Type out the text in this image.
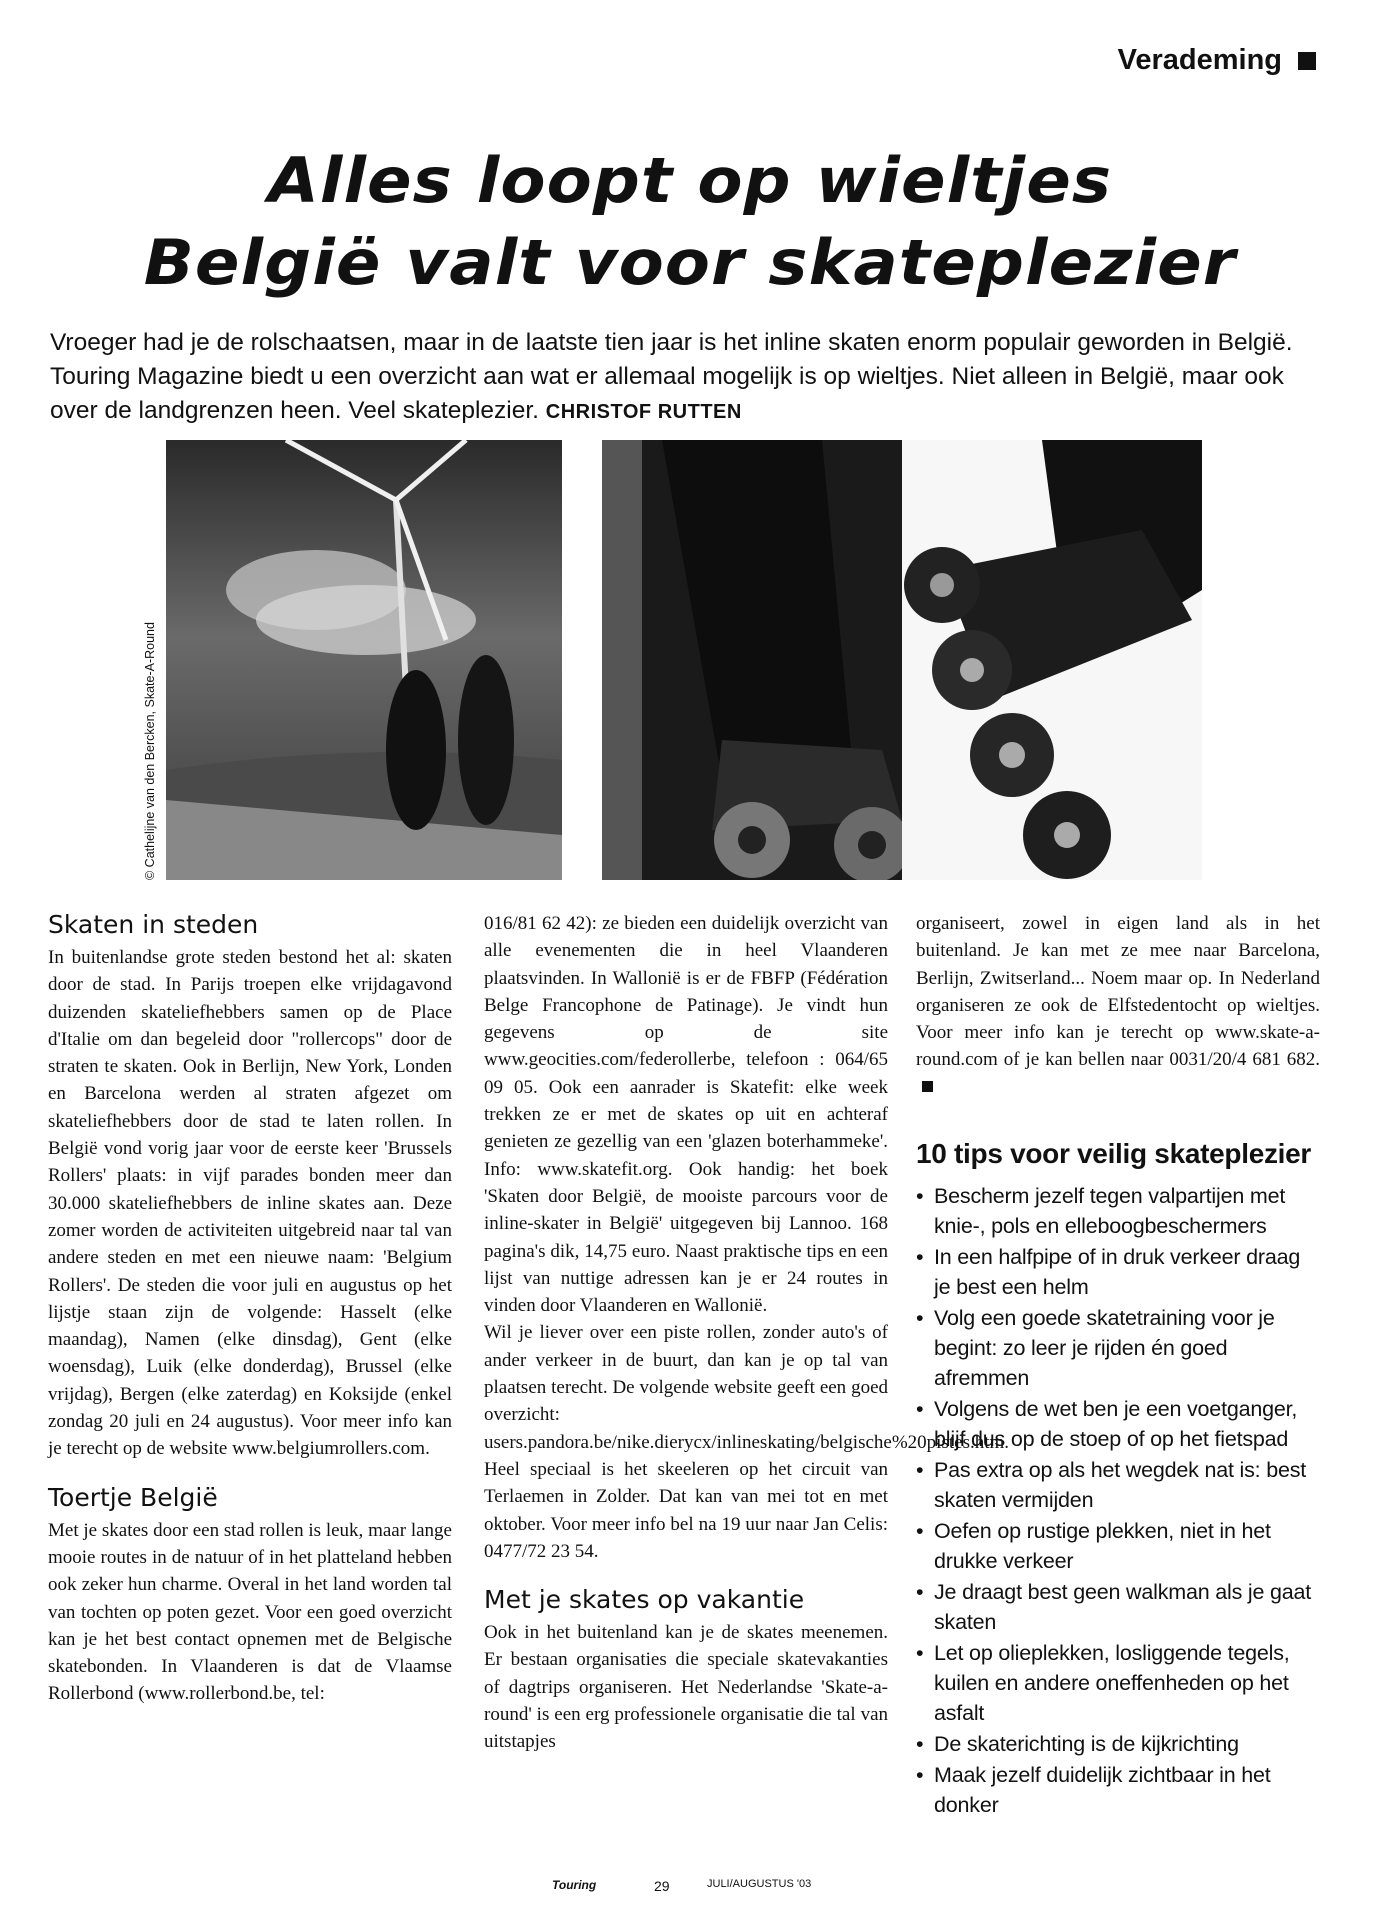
Verademing
Alles loopt op wieltjes
België valt voor skateplezier
Vroeger had je de rolschaatsen, maar in de laatste tien jaar is het inline skaten enorm populair geworden in België. Touring Magazine biedt u een overzicht aan wat er allemaal mogelijk is op wieltjes. Niet alleen in België, maar ook over de landgrenzen heen. Veel skateplezier. CHRISTOF RUTTEN
© Cathelijne van den Bercken, Skate-A-Round
Skaten in steden

In buitenlandse grote steden bestond het al: skaten door de stad. In Parijs troepen elke vrijdagavond duizenden skateliefhebbers samen op de Place d'Italie om dan begeleid door "rollercops" door de straten te skaten. Ook in Berlijn, New York, Londen en Barcelona werden al straten afgezet om skateliefhebbers door de stad te laten rollen. In België vond vorig jaar voor de eerste keer 'Brussels Rollers' plaats: in vijf parades bonden meer dan 30.000 skateliefhebbers de inline skates aan. Deze zomer worden de activiteiten uitgebreid naar tal van andere steden en met een nieuwe naam: 'Belgium Rollers'. De steden die voor juli en augustus op het lijstje staan zijn de volgende: Hasselt (elke maandag), Namen (elke dinsdag), Gent (elke woensdag), Luik (elke donderdag), Brussel (elke vrijdag), Bergen (elke zaterdag) en Koksijde (enkel zondag 20 juli en 24 augustus). Voor meer info kan je terecht op de website www.belgiumrollers.com.

Toertje België

Met je skates door een stad rollen is leuk, maar lange mooie routes in de natuur of in het platteland hebben ook zeker hun charme. Overal in het land worden tal van tochten op poten gezet. Voor een goed overzicht kan je het best contact opnemen met de Belgische skatebonden. In Vlaanderen is dat de Vlaamse Rollerbond (www.rollerbond.be, tel:

016/81 62 42): ze bieden een duidelijk overzicht van alle evenementen die in heel Vlaanderen plaatsvinden. In Wallonië is er de FBFP (Fédération Belge Francophone de Patinage). Je vindt hun gegevens op de site www.geocities.com/federollerbe, telefoon : 064/65 09 05. Ook een aanrader is Skatefit: elke week trekken ze er met de skates op uit en achteraf genieten ze gezellig van een 'glazen boterhammeke'. Info: www.skatefit.org. Ook handig: het boek 'Skaten door België, de mooiste parcours voor de inline-skater in België' uitgegeven bij Lannoo. 168 pagina's dik, 14,75 euro. Naast praktische tips en een lijst van nuttige adressen kan je er 24 routes in vinden door Vlaanderen en Wallonië.

Wil je liever over een piste rollen, zonder auto's of ander verkeer in de buurt, dan kan je op tal van plaatsen terecht. De volgende website geeft een goed overzicht: users.pandora.be/nike.dierycx/inlineskating/belgische%20pistes.htm. Heel speciaal is het skeeleren op het circuit van Terlaemen in Zolder. Dat kan van mei tot en met oktober. Voor meer info bel na 19 uur naar Jan Celis: 0477/72 23 54.

Met je skates op vakantie

Ook in het buitenland kan je de skates meenemen. Er bestaan organisaties die speciale skatevakanties of dagtrips organiseren. Het Nederlandse 'Skate-a-round' is een erg professionele organisatie die tal van uitstapjes

organiseert, zowel in eigen land als in het buitenland. Je kan met ze mee naar Barcelona, Berlijn, Zwitserland... Noem maar op. In Nederland organiseren ze ook de Elfstedentocht op wieltjes. Voor meer info kan je terecht op www.skate-a-round.com of je kan bellen naar 0031/20/4 681 682.

10 tips voor veilig skateplezier
• Bescherm jezelf tegen valpartijen met knie-, pols en elleboogbeschermers
• In een halfpipe of in druk verkeer draag je best een helm
• Volg een goede skatetraining voor je begint: zo leer je rijden én goed afremmen
• Volgens de wet ben je een voetganger, blijf dus op de stoep of op het fietspad
• Pas extra op als het wegdek nat is: best skaten vermijden
• Oefen op rustige plekken, niet in het drukke verkeer
• Je draagt best geen walkman als je gaat skaten
• Let op olieplekken, losliggende tegels, kuilen en andere oneffenheden op het asfalt
• De skaterichting is de kijkrichting
• Maak jezelf duidelijk zichtbaar in het donker
Touring	29	JULI/AUGUSTUS '03
